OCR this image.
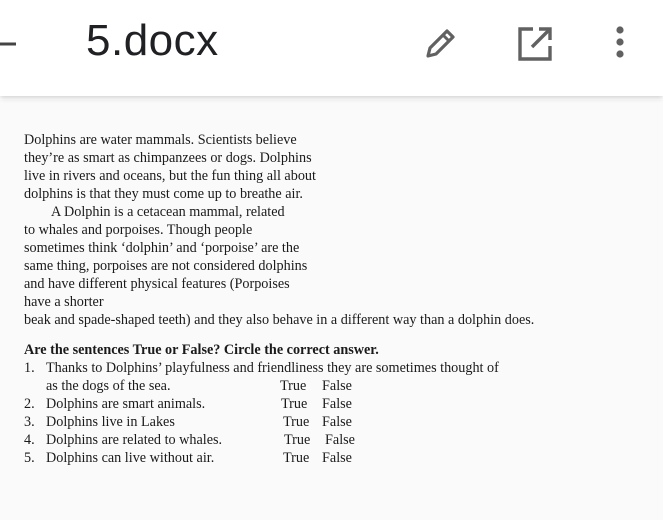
5.docx
Dolphins are water mammals. Scientists believe
they’re as smart as chimpanzees or dogs. Dolphins
live in rivers and oceans, but the fun thing all about
dolphins is that they must come up to breathe air.
A Dolphin is a cetacean mammal, related
to whales and porpoises. Though people
sometimes think ‘dolphin’ and ‘porpoise’ are the
same thing, porpoises are not considered dolphins
and have different physical features (Porpoises
have a shorter
beak and spade-shaped teeth) and they also behave in a different way than a dolphin does.
Are the sentences True or False? Circle the correct answer.
1. Thanks to Dolphins’ playfulness and friendliness they are sometimes thought of
as the dogs of the sea.	True False
2. Dolphins are smart animals.	True False
3. Dolphins live in Lakes	True False
4. Dolphins are related to whales.	True False
5. Dolphins can live without air.	True False
